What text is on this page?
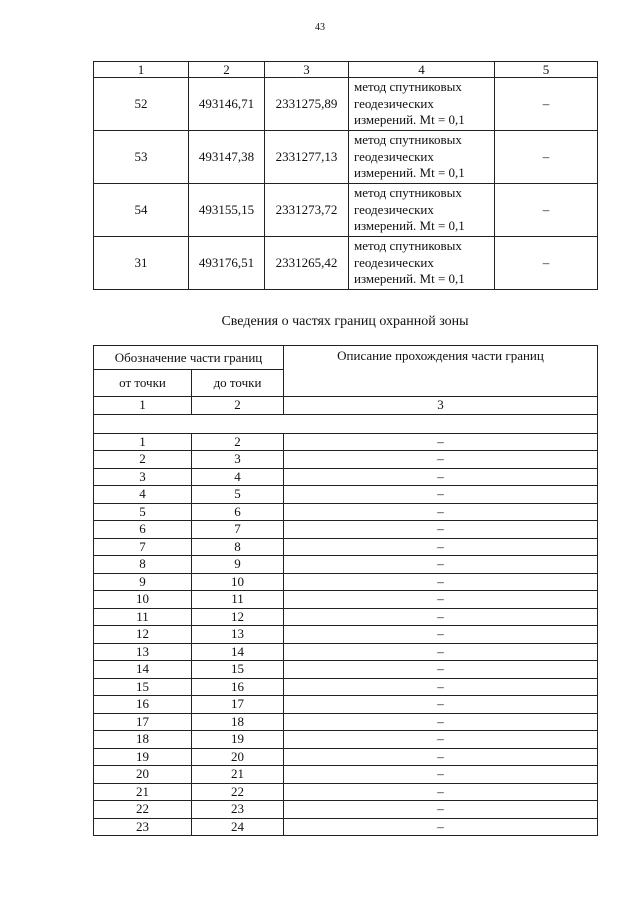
43
1	2	3	4	5
52	493146,71	2331275,89	метод спутниковых
геодезических
измерений. Mt = 0,1	–
53	493147,38	2331277,13	метод спутниковых
геодезических
измерений. Mt = 0,1	–
54	493155,15	2331273,72	метод спутниковых
геодезических
измерений. Mt = 0,1	–
31	493176,51	2331265,42	метод спутниковых
геодезических
измерений. Mt = 0,1	–
Сведения о частях границ охранной зоны
Обозначение части границ		Описание прохождения части границ
от точки	до точки	
1	2	3

1	2	–
2	3	–
3	4	–
4	5	–
5	6	–
6	7	–
7	8	–
8	9	–
9	10	–
10	11	–
11	12	–
12	13	–
13	14	–
14	15	–
15	16	–
16	17	–
17	18	–
18	19	–
19	20	–
20	21	–
21	22	–
22	23	–
23	24	–
